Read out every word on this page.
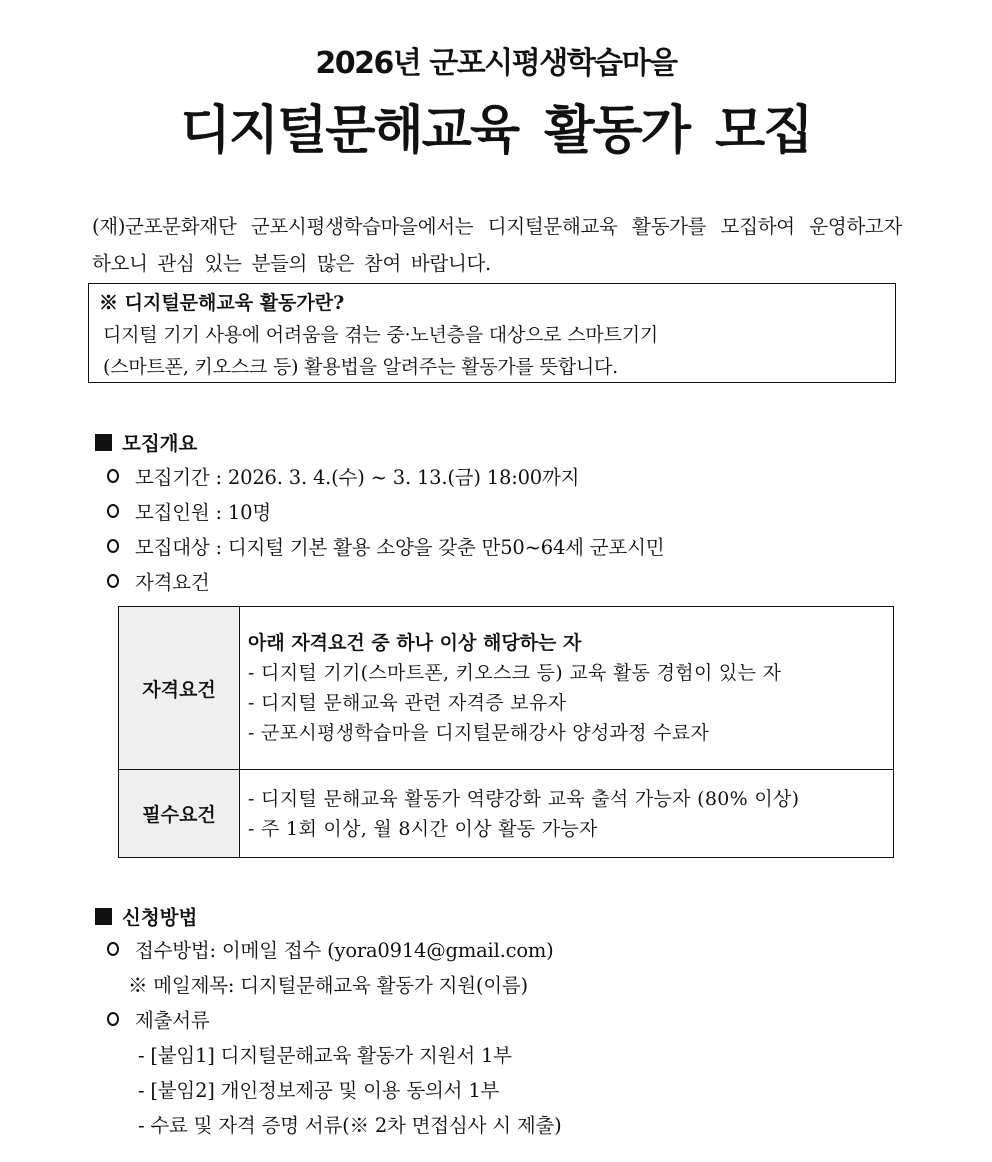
2026년 군포시평생학습마을
디지털문해교육 활동가 모집
(재)군포문화재단 군포시평생학습마을에서는 디지털문해교육 활동가를 모집하여 운영하고자 하오니 관심 있는 분들의 많은 참여 바랍니다.
※ 디지털문해교육 활동가란?
디지털 기기 사용에 어려움을 겪는 중·노년층을 대상으로 스마트기기
(스마트폰, 키오스크 등) 활용법을 알려주는 활동가를 뜻합니다.
모집개요
모집기간 : 2026. 3. 4.(수) ~ 3. 13.(금) 18:00까지
모집인원 : 10명
모집대상 : 디지털 기본 활용 소양을 갖춘 만50~64세 군포시민
자격요건
자격요건	아래 자격요건 중 하나 이상 해당하는 자
- 디지털 기기(스마트폰, 키오스크 등) 교육 활동 경험이 있는 자
- 디지털 문해교육 관련 자격증 보유자
- 군포시평생학습마을 디지털문해강사 양성과정 수료자

필수요건	- 디지털 문해교육 활동가 역량강화 교육 출석 가능자 (80% 이상)
- 주 1회 이상, 월 8시간 이상 활동 가능자
신청방법
접수방법: 이메일 접수 (yora0914@gmail.com)
※ 메일제목: 디지털문해교육 활동가 지원(이름)
제출서류
- [붙임1] 디지털문해교육 활동가 지원서 1부
- [붙임2] 개인정보제공 및 이용 동의서 1부
- 수료 및 자격 증명 서류(※ 2차 면접심사 시 제출)
